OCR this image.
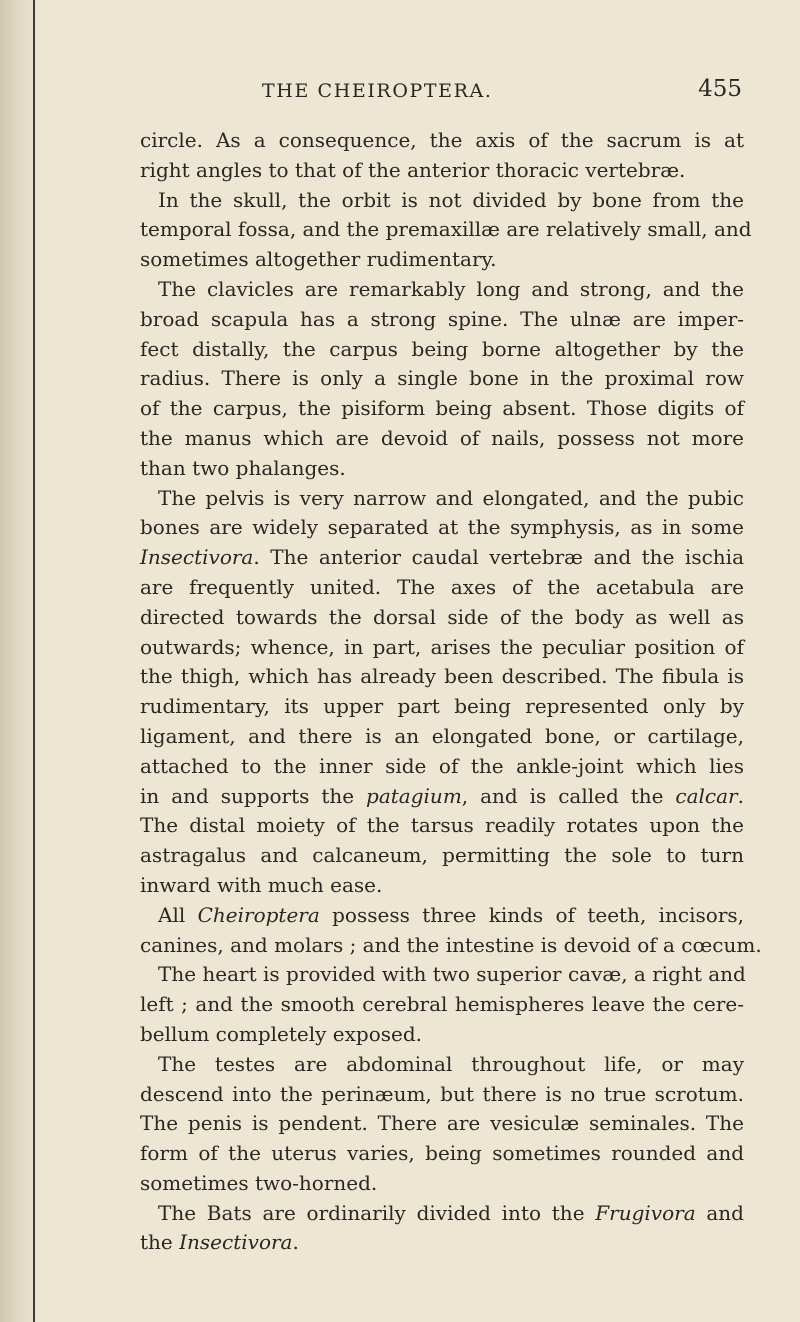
THE CHEIROPTERA.	455
circle. As a consequence, the axis of the sacrum is at
right angles to that of the anterior thoracic vertebræ.
In the skull, the orbit is not divided by bone from the
temporal fossa, and the premaxillæ are relatively small, and
sometimes altogether rudimentary.
The clavicles are remarkably long and strong, and the
broad scapula has a strong spine. The ulnæ are imper-
fect distally, the carpus being borne altogether by the
radius. There is only a single bone in the proximal row
of the carpus, the pisiform being absent. Those digits of
the manus which are devoid of nails, possess not more
than two phalanges.
The pelvis is very narrow and elongated, and the pubic
bones are widely separated at the symphysis, as in some
Insectivora. The anterior caudal vertebræ and the ischia
are frequently united. The axes of the acetabula are
directed towards the dorsal side of the body as well as
outwards; whence, in part, arises the peculiar position of
the thigh, which has already been described. The fibula is
rudimentary, its upper part being represented only by
ligament, and there is an elongated bone, or cartilage,
attached to the inner side of the ankle-joint which lies
in and supports the patagium, and is called the calcar.
The distal moiety of the tarsus readily rotates upon the
astragalus and calcaneum, permitting the sole to turn
inward with much ease.
All Cheiroptera possess three kinds of teeth, incisors,
canines, and molars ; and the intestine is devoid of a cœcum.
The heart is provided with two superior cavæ, a right and
left ; and the smooth cerebral hemispheres leave the cere-
bellum completely exposed.
The testes are abdominal throughout life, or may
descend into the perinæum, but there is no true scrotum.
The penis is pendent. There are vesiculæ seminales. The
form of the uterus varies, being sometimes rounded and
sometimes two-horned.
The Bats are ordinarily divided into the Frugivora and
the Insectivora.
